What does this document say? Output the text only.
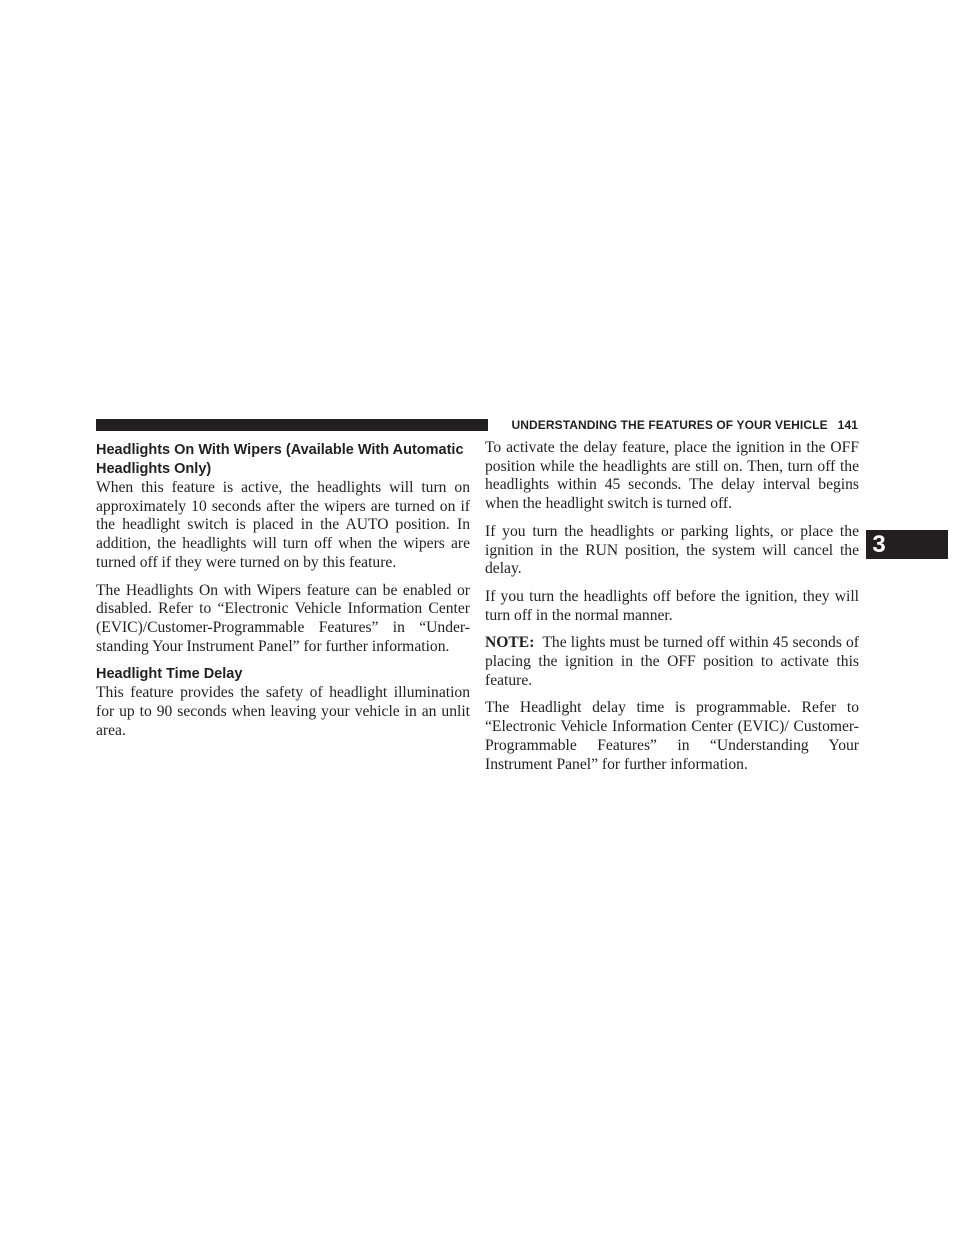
UNDERSTANDING THE FEATURES OF YOUR VEHICLE 141
3
Headlights On With Wipers (Available With Automatic Headlights Only)

When this feature is active, the headlights will turn on approximately 10 seconds after the wipers are turned on if the headlight switch is placed in the AUTO position. In addition, the headlights will turn off when the wipers are turned off if they were turned on by this feature.

The Headlights On with Wipers feature can be enabled or disabled. Refer to “Electronic Vehicle Information Center (EVIC)/Customer-Programmable Features” in “Under-standing Your Instrument Panel” for further information.

Headlight Time Delay

This feature provides the safety of headlight illumination for up to 90 seconds when leaving your vehicle in an unlit area.

To activate the delay feature, place the ignition in the OFF position while the headlights are still on. Then, turn off the headlights within 45 seconds. The delay interval begins when the headlight switch is turned off.

If you turn the headlights or parking lights, or place the ignition in the RUN position, the system will cancel the delay.

If you turn the headlights off before the ignition, they will turn off in the normal manner.

NOTE: The lights must be turned off within 45 seconds of placing the ignition in the OFF position to activate this feature.

The Headlight delay time is programmable. Refer to “Electronic Vehicle Information Center (EVIC)/ Customer-Programmable Features” in “Understanding Your Instrument Panel” for further information.
